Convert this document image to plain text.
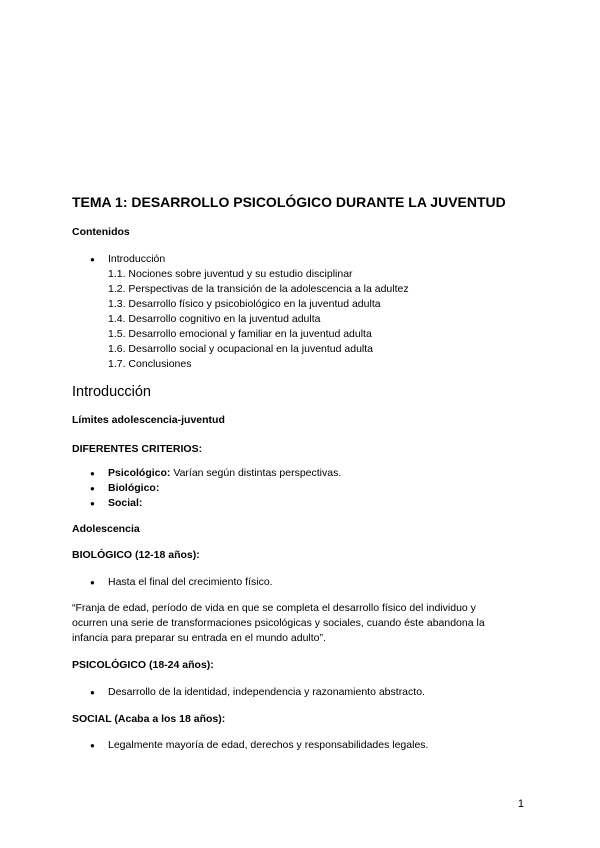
TEMA 1: DESARROLLO PSICOLÓGICO DURANTE LA JUVENTUD
Contenidos
● Introducción
1.1. Nociones sobre juventud y su estudio disciplinar
1.2. Perspectivas de la transición de la adolescencia a la adultez
1.3. Desarrollo físico y psicobiológico en la juventud adulta
1.4. Desarrollo cognitivo en la juventud adulta
1.5. Desarrollo emocional y familiar en la juventud adulta
1.6. Desarrollo social y ocupacional en la juventud adulta
1.7. Conclusiones
Introducción
Límites adolescencia-juventud
DIFERENTES CRITERIOS:
● Psicológico: Varían según distintas perspectivas.
● Biológico:
● Social:
Adolescencia
BIOLÓGICO (12-18 años):
● Hasta el final del crecimiento físico.
“Franja de edad, período de vida en que se completa el desarrollo físico del individuo y
ocurren una serie de transformaciones psicológicas y sociales, cuando éste abandona la
infancia para preparar su entrada en el mundo adulto”.
PSICOLÓGICO (18-24 años):
● Desarrollo de la identidad, independencia y razonamiento abstracto.
SOCIAL (Acaba a los 18 años):
● Legalmente mayoría de edad, derechos y responsabilidades legales.
1
